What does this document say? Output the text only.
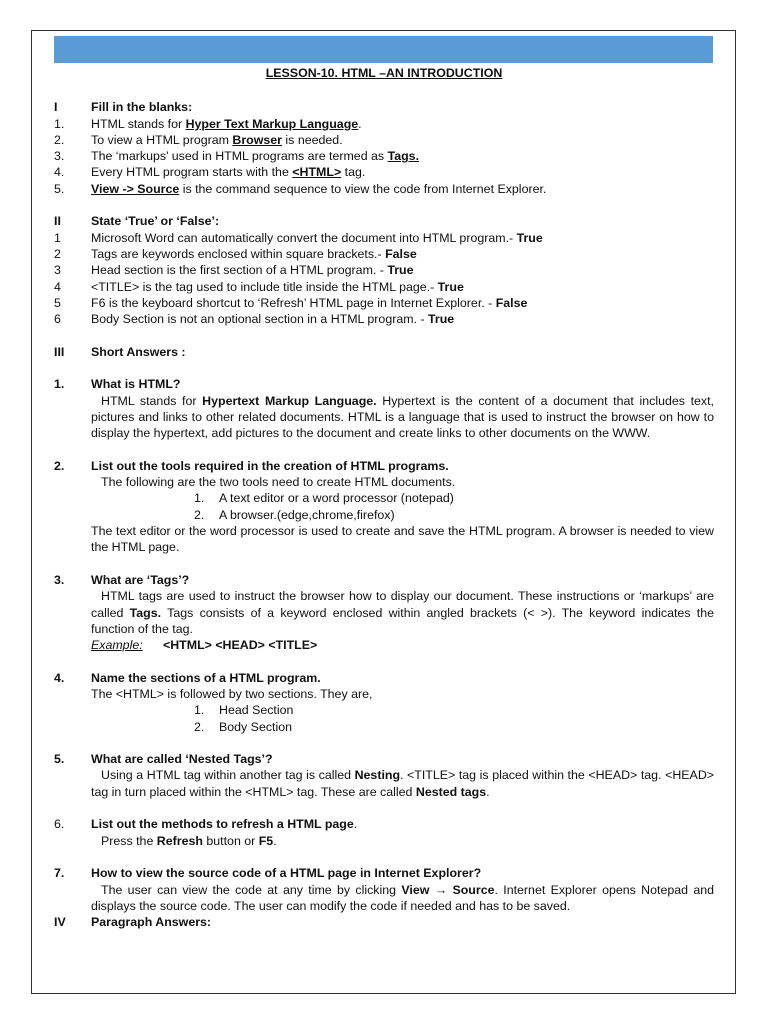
LESSON-10. HTML –AN INTRODUCTION
I	Fill in the blanks:
1.	HTML stands for Hyper Text Markup Language.
2.	To view a HTML program Browser is needed.
3.	The ‘markups’ used in HTML programs are termed as Tags.
4.	Every HTML program starts with the <HTML> tag.
5.	View -> Source is the command sequence to view the code from Internet Explorer.
II	State ‘True’ or ‘False’:
1	Microsoft Word can automatically convert the document into HTML program.- True
2	Tags are keywords enclosed within square brackets.- False
3	Head section is the first section of a HTML program. - True
4	<TITLE> is the tag used to include title inside the HTML page.- True
5	F6 is the keyboard shortcut to ‘Refresh’ HTML page in Internet Explorer. - False
6	Body Section is not an optional section in a HTML program. - True
III	Short Answers :
1.	What is HTML?
HTML stands for Hypertext Markup Language. Hypertext is the content of a document that includes text, pictures and links to other related documents. HTML is a language that is used to instruct the browser on how to display the hypertext, add pictures to the document and create links to other documents on the WWW.
2.	List out the tools required in the creation of HTML programs.
The following are the two tools need to create HTML documents.
1.	A text editor or a word processor (notepad)
2.	A browser.(edge,chrome,firefox)
The text editor or the word processor is used to create and save the HTML program. A browser is needed to view the HTML page.
3.	What are ‘Tags’?
HTML tags are used to instruct the browser how to display our document. These instructions or ‘markups’ are called Tags. Tags consists of a keyword enclosed within angled brackets (< >). The keyword indicates the function of the tag.
Example:	<HTML> <HEAD> <TITLE>
4.	Name the sections of a HTML program.
The <HTML> is followed by two sections. They are,
1.	Head Section
2.	Body Section
5.	What are called ‘Nested Tags’?
Using a HTML tag within another tag is called Nesting. <TITLE> tag is placed within the <HEAD> tag. <HEAD> tag in turn placed within the <HTML> tag. These are called Nested tags.
6.	List out the methods to refresh a HTML page.
Press the Refresh button or F5.
7.	How to view the source code of a HTML page in Internet Explorer?
The user can view the code at any time by clicking View → Source. Internet Explorer opens Notepad and displays the source code. The user can modify the code if needed and has to be saved.
IV	Paragraph Answers:
